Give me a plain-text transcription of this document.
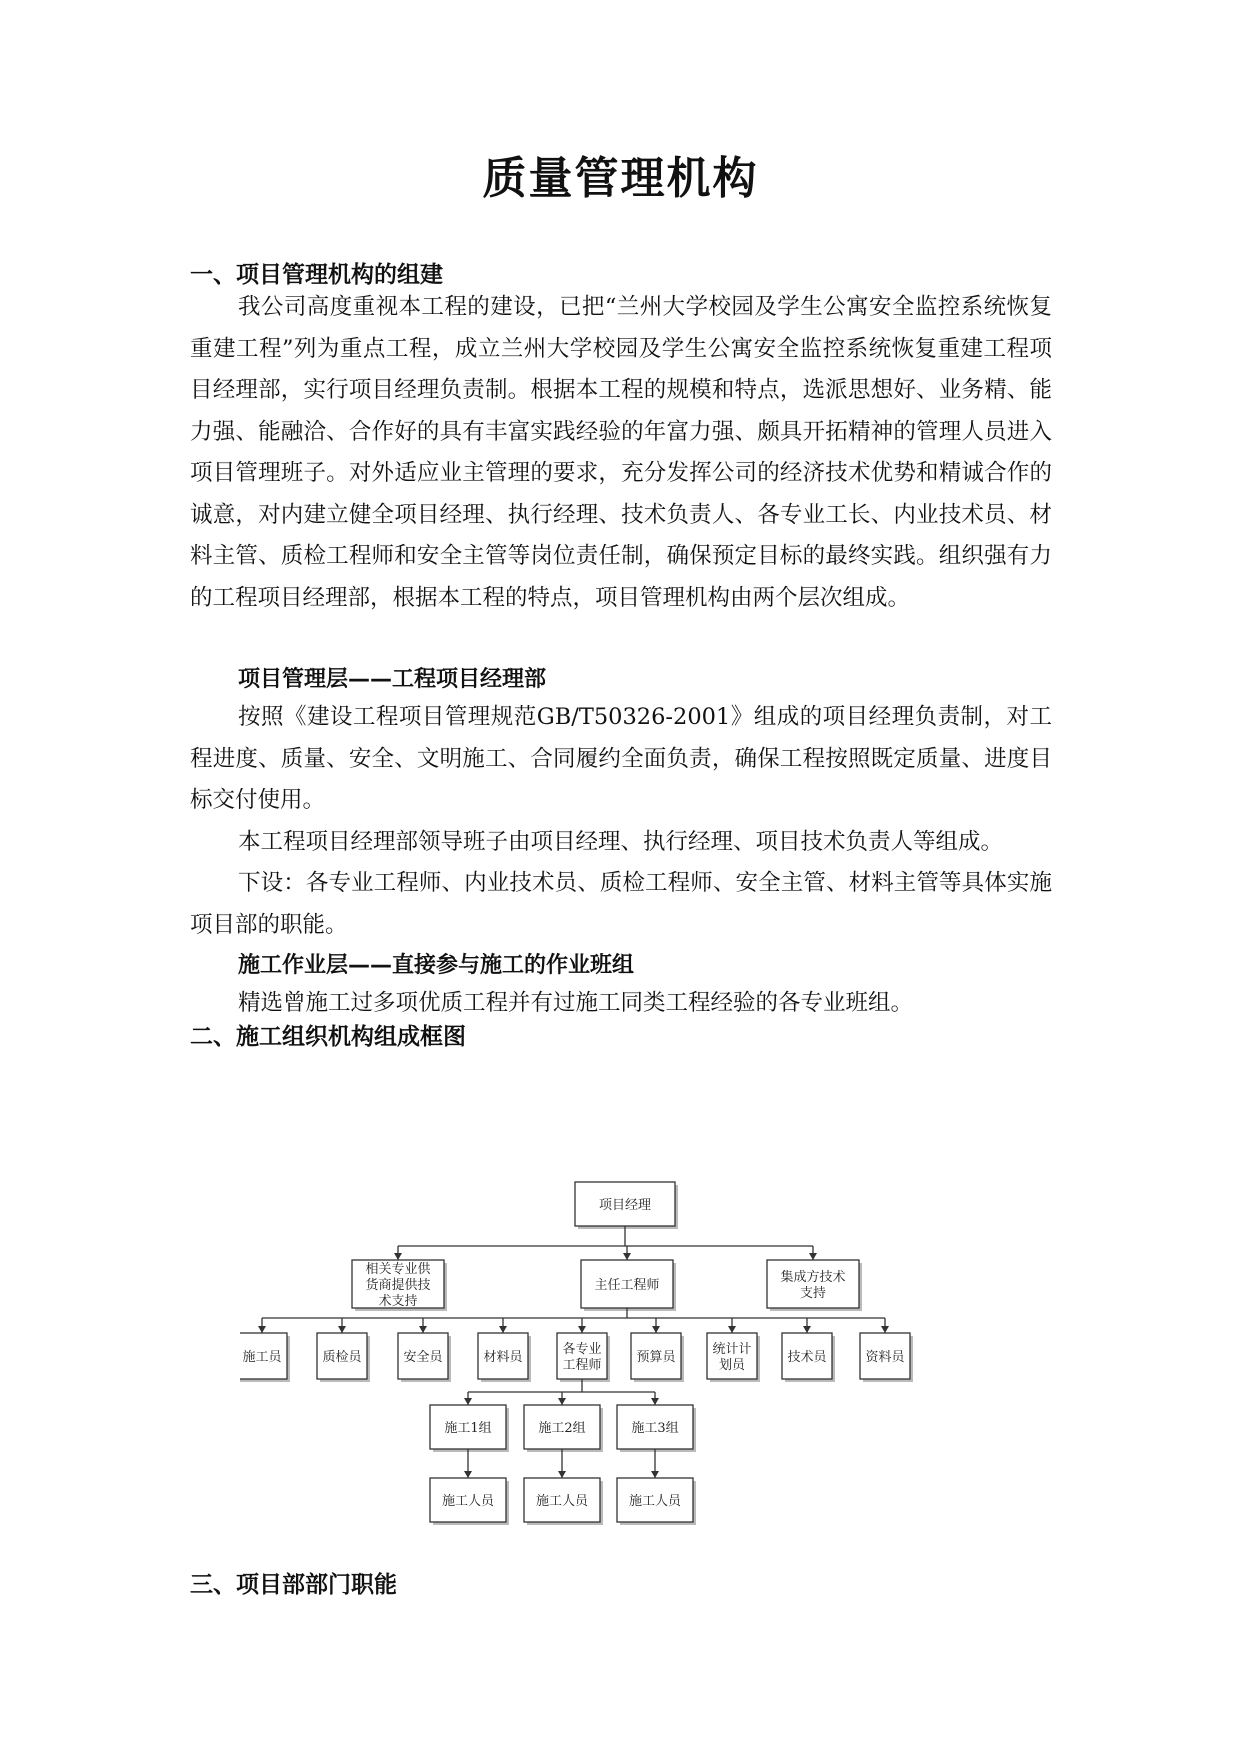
质量管理机构
一、项目管理机构的组建

我公司高度重视本工程的建设，已把“兰州大学校园及学生公寓安全监控系统恢复重建工程”列为重点工程，成立兰州大学校园及学生公寓安全监控系统恢复重建工程项目经理部，实行项目经理负责制。根据本工程的规模和特点，选派思想好、业务精、能力强、能融洽、合作好的具有丰富实践经验的年富力强、颇具开拓精神的管理人员进入项目管理班子。对外适应业主管理的要求，充分发挥公司的经济技术优势和精诚合作的诚意，对内建立健全项目经理、执行经理、技术负责人、各专业工长、内业技术员、材料主管、质检工程师和安全主管等岗位责任制，确保预定目标的最终实践。组织强有力的工程项目经理部，根据本工程的特点，项目管理机构由两个层次组成。

项目管理层——工程项目经理部

按照《建设工程项目管理规范GB/T50326-2001》组成的项目经理负责制，对工程进度、质量、安全、文明施工、合同履约全面负责，确保工程按照既定质量、进度目标交付使用。

本工程项目经理部领导班子由项目经理、执行经理、项目技术负责人等组成。

下设：各专业工程师、内业技术员、质检工程师、安全主管、材料主管等具体实施项目部的职能。

施工作业层——直接参与施工的作业班组

精选曾施工过多项优质工程并有过施工同类工程经验的各专业班组。

二、施工组织机构组成框图
项目经理
相关专业供
货商提供技
术支持
主任工程师
集成方技术
支持
施工员	质检员	安全员	材料员
各专业
工程师
预算员
统计计
划员
技术员	资料员
施工1组	施工2组	施工3组
施工人员	施工人员	施工人员
三、项目部部门职能
